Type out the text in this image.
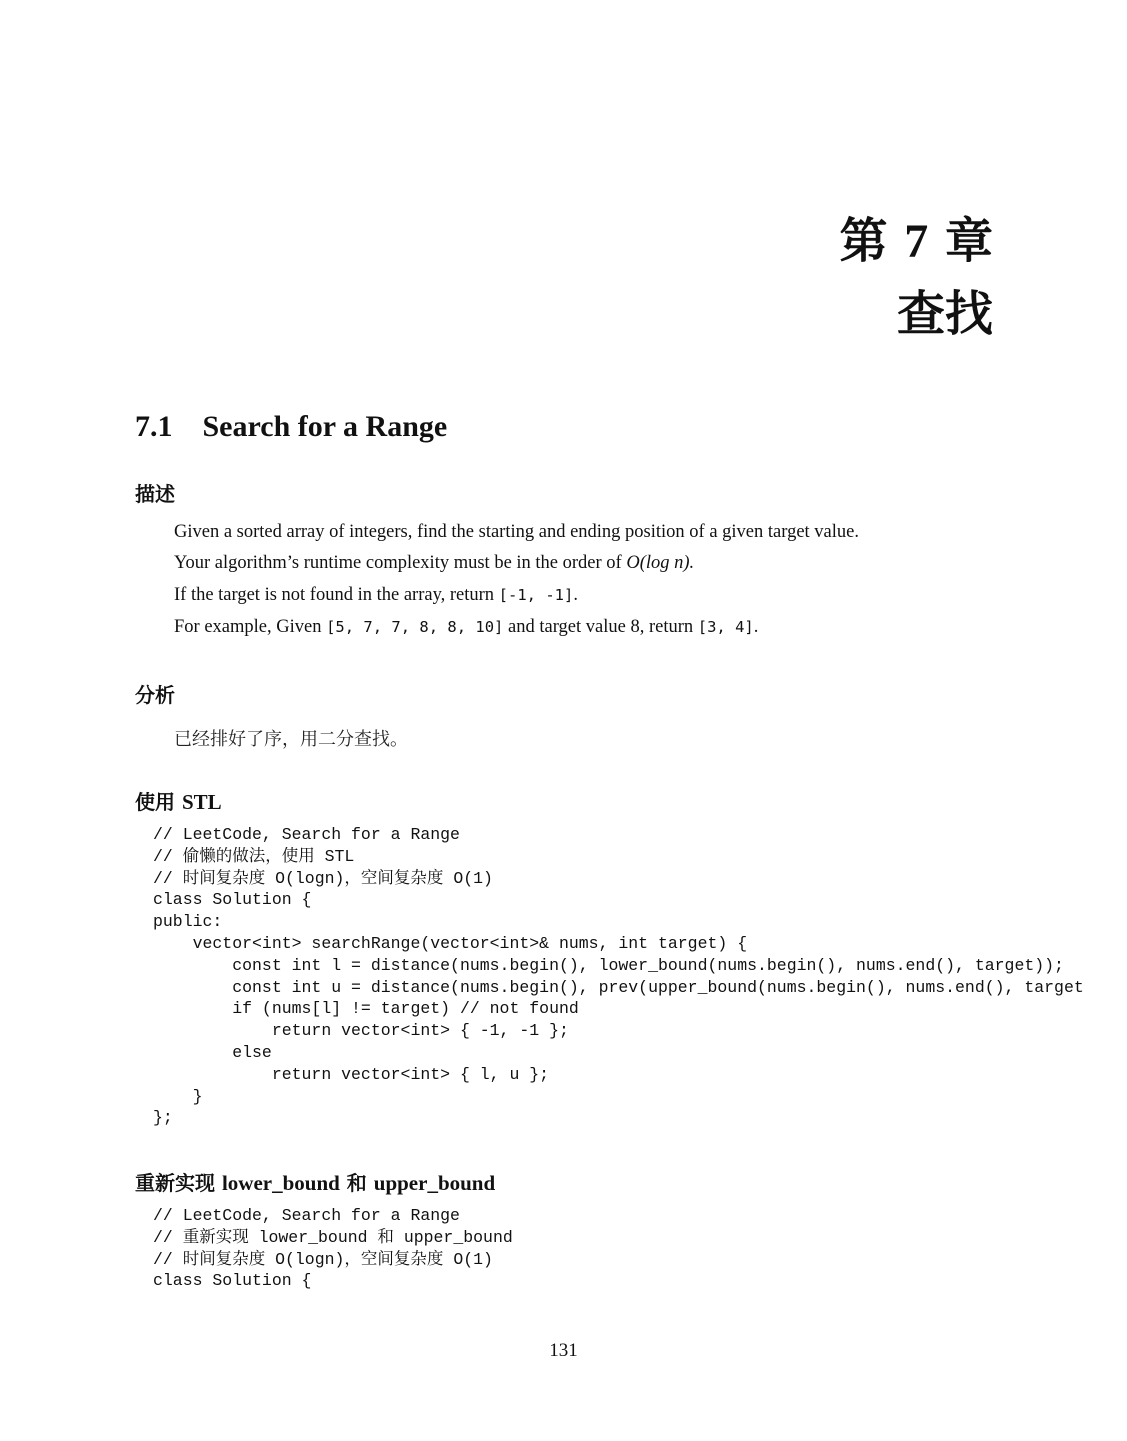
第 7 章
查找
7.1 Search for a Range
描述

Given a sorted array of integers, find the starting and ending position of a given target value.

Your algorithm’s runtime complexity must be in the order of O(log n).

If the target is not found in the array, return [-1, -1].

For example, Given [5, 7, 7, 8, 8, 10] and target value 8, return [3, 4].

分析

已经排好了序，用二分查找。

使用 STL
// LeetCode, Search for a Range
// 偷懒的做法，使用 STL
// 时间复杂度 O(logn)，空间复杂度 O(1)
class Solution {
public:
vector<int> searchRange(vector<int>& nums, int target) {
const int l = distance(nums.begin(), lower_bound(nums.begin(), nums.end(), target));
const int u = distance(nums.begin(), prev(upper_bound(nums.begin(), nums.end(), target
if (nums[l] != target) // not found
return vector<int> { -1, -1 };
else
return vector<int> { l, u };
}
};
重新实现 lower_bound 和 upper_bound
// LeetCode, Search for a Range
// 重新实现 lower_bound 和 upper_bound
// 时间复杂度 O(logn)，空间复杂度 O(1)
class Solution {
131
